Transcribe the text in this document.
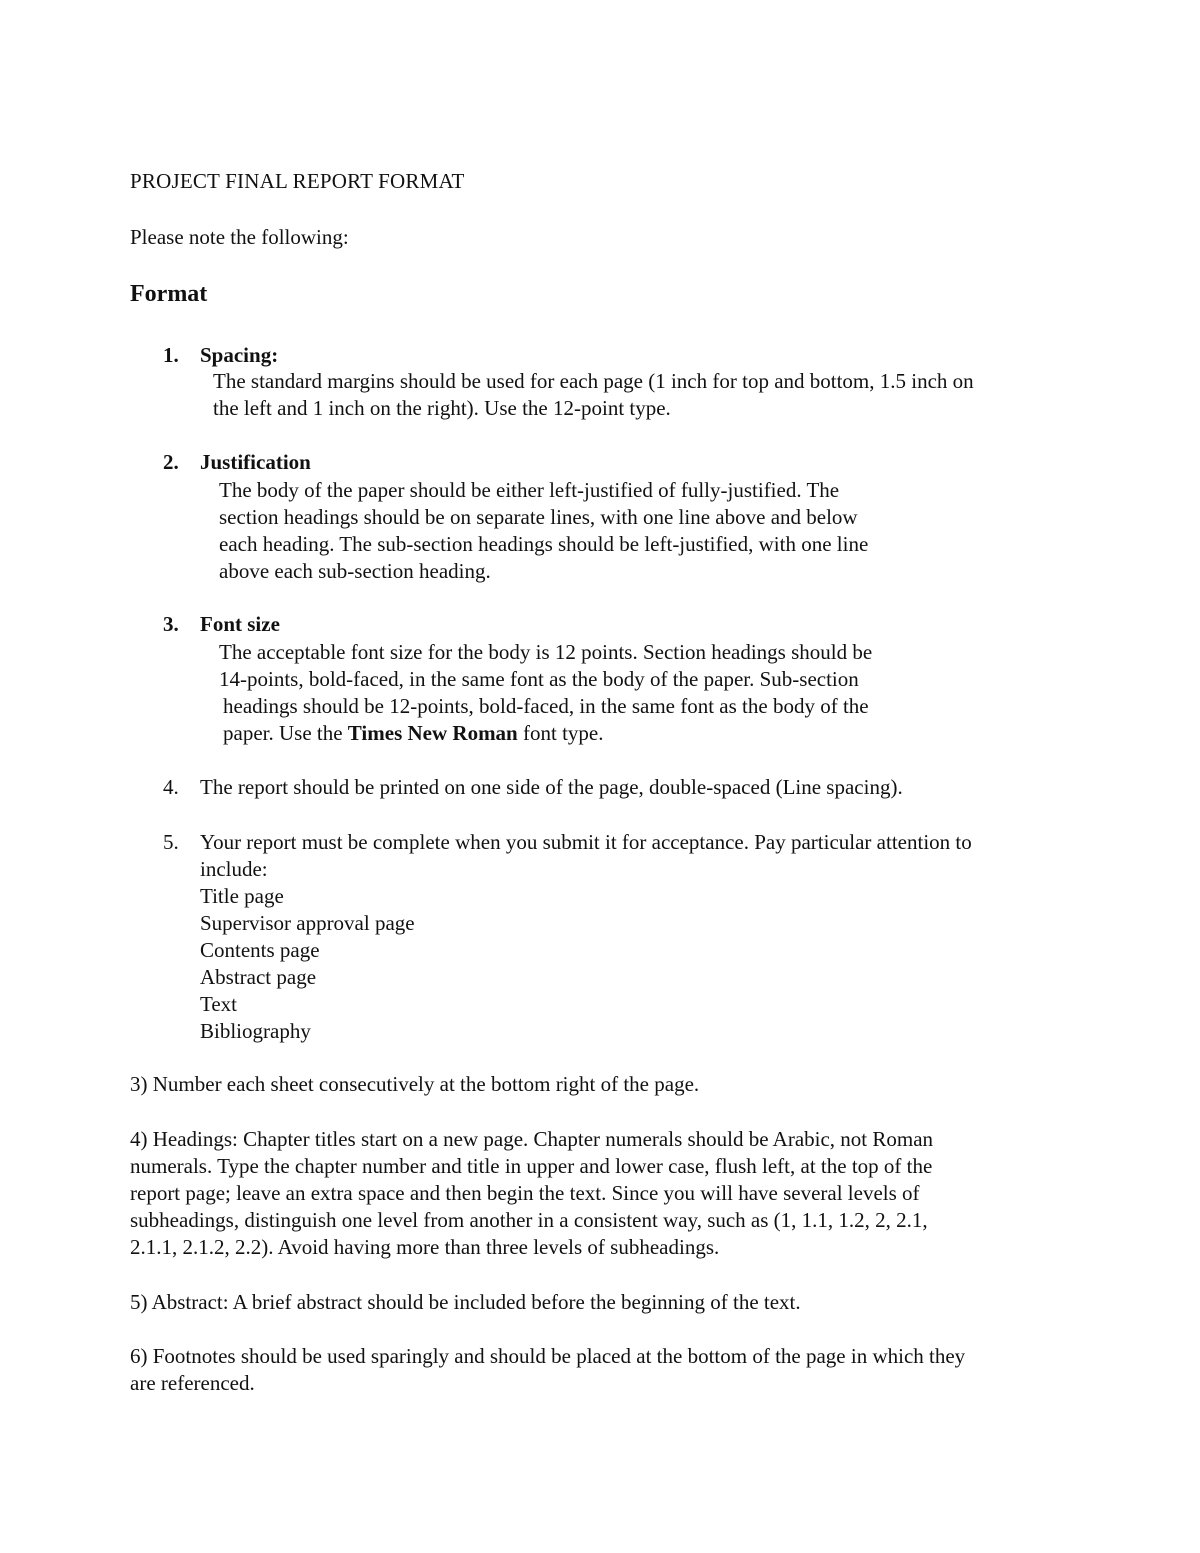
PROJECT FINAL REPORT FORMAT
Please note the following:
Format
1. Spacing:
The standard margins should be used for each page (1 inch for top and bottom, 1.5 inch on
the left and 1 inch on the right). Use the 12-point type.
2. Justification
The body of the paper should be either left-justified of fully-justified. The
section headings should be on separate lines, with one line above and below
each heading. The sub-section headings should be left-justified, with one line
above each sub-section heading.
3. Font size
The acceptable font size for the body is 12 points. Section headings should be
14-points, bold-faced, in the same font as the body of the paper. Sub-section
headings should be 12-points, bold-faced, in the same font as the body of the
paper. Use the Times New Roman font type.
4. The report should be printed on one side of the page, double-spaced (Line spacing).
5. Your report must be complete when you submit it for acceptance. Pay particular attention to
include:
Title page
Supervisor approval page
Contents page
Abstract page
Text
Bibliography
3) Number each sheet consecutively at the bottom right of the page.
4) Headings: Chapter titles start on a new page. Chapter numerals should be Arabic, not Roman
numerals. Type the chapter number and title in upper and lower case, flush left, at the top of the
report page; leave an extra space and then begin the text. Since you will have several levels of
subheadings, distinguish one level from another in a consistent way, such as (1, 1.1, 1.2, 2, 2.1,
2.1.1, 2.1.2, 2.2). Avoid having more than three levels of subheadings.
5) Abstract: A brief abstract should be included before the beginning of the text.
6) Footnotes should be used sparingly and should be placed at the bottom of the page in which they
are referenced.
